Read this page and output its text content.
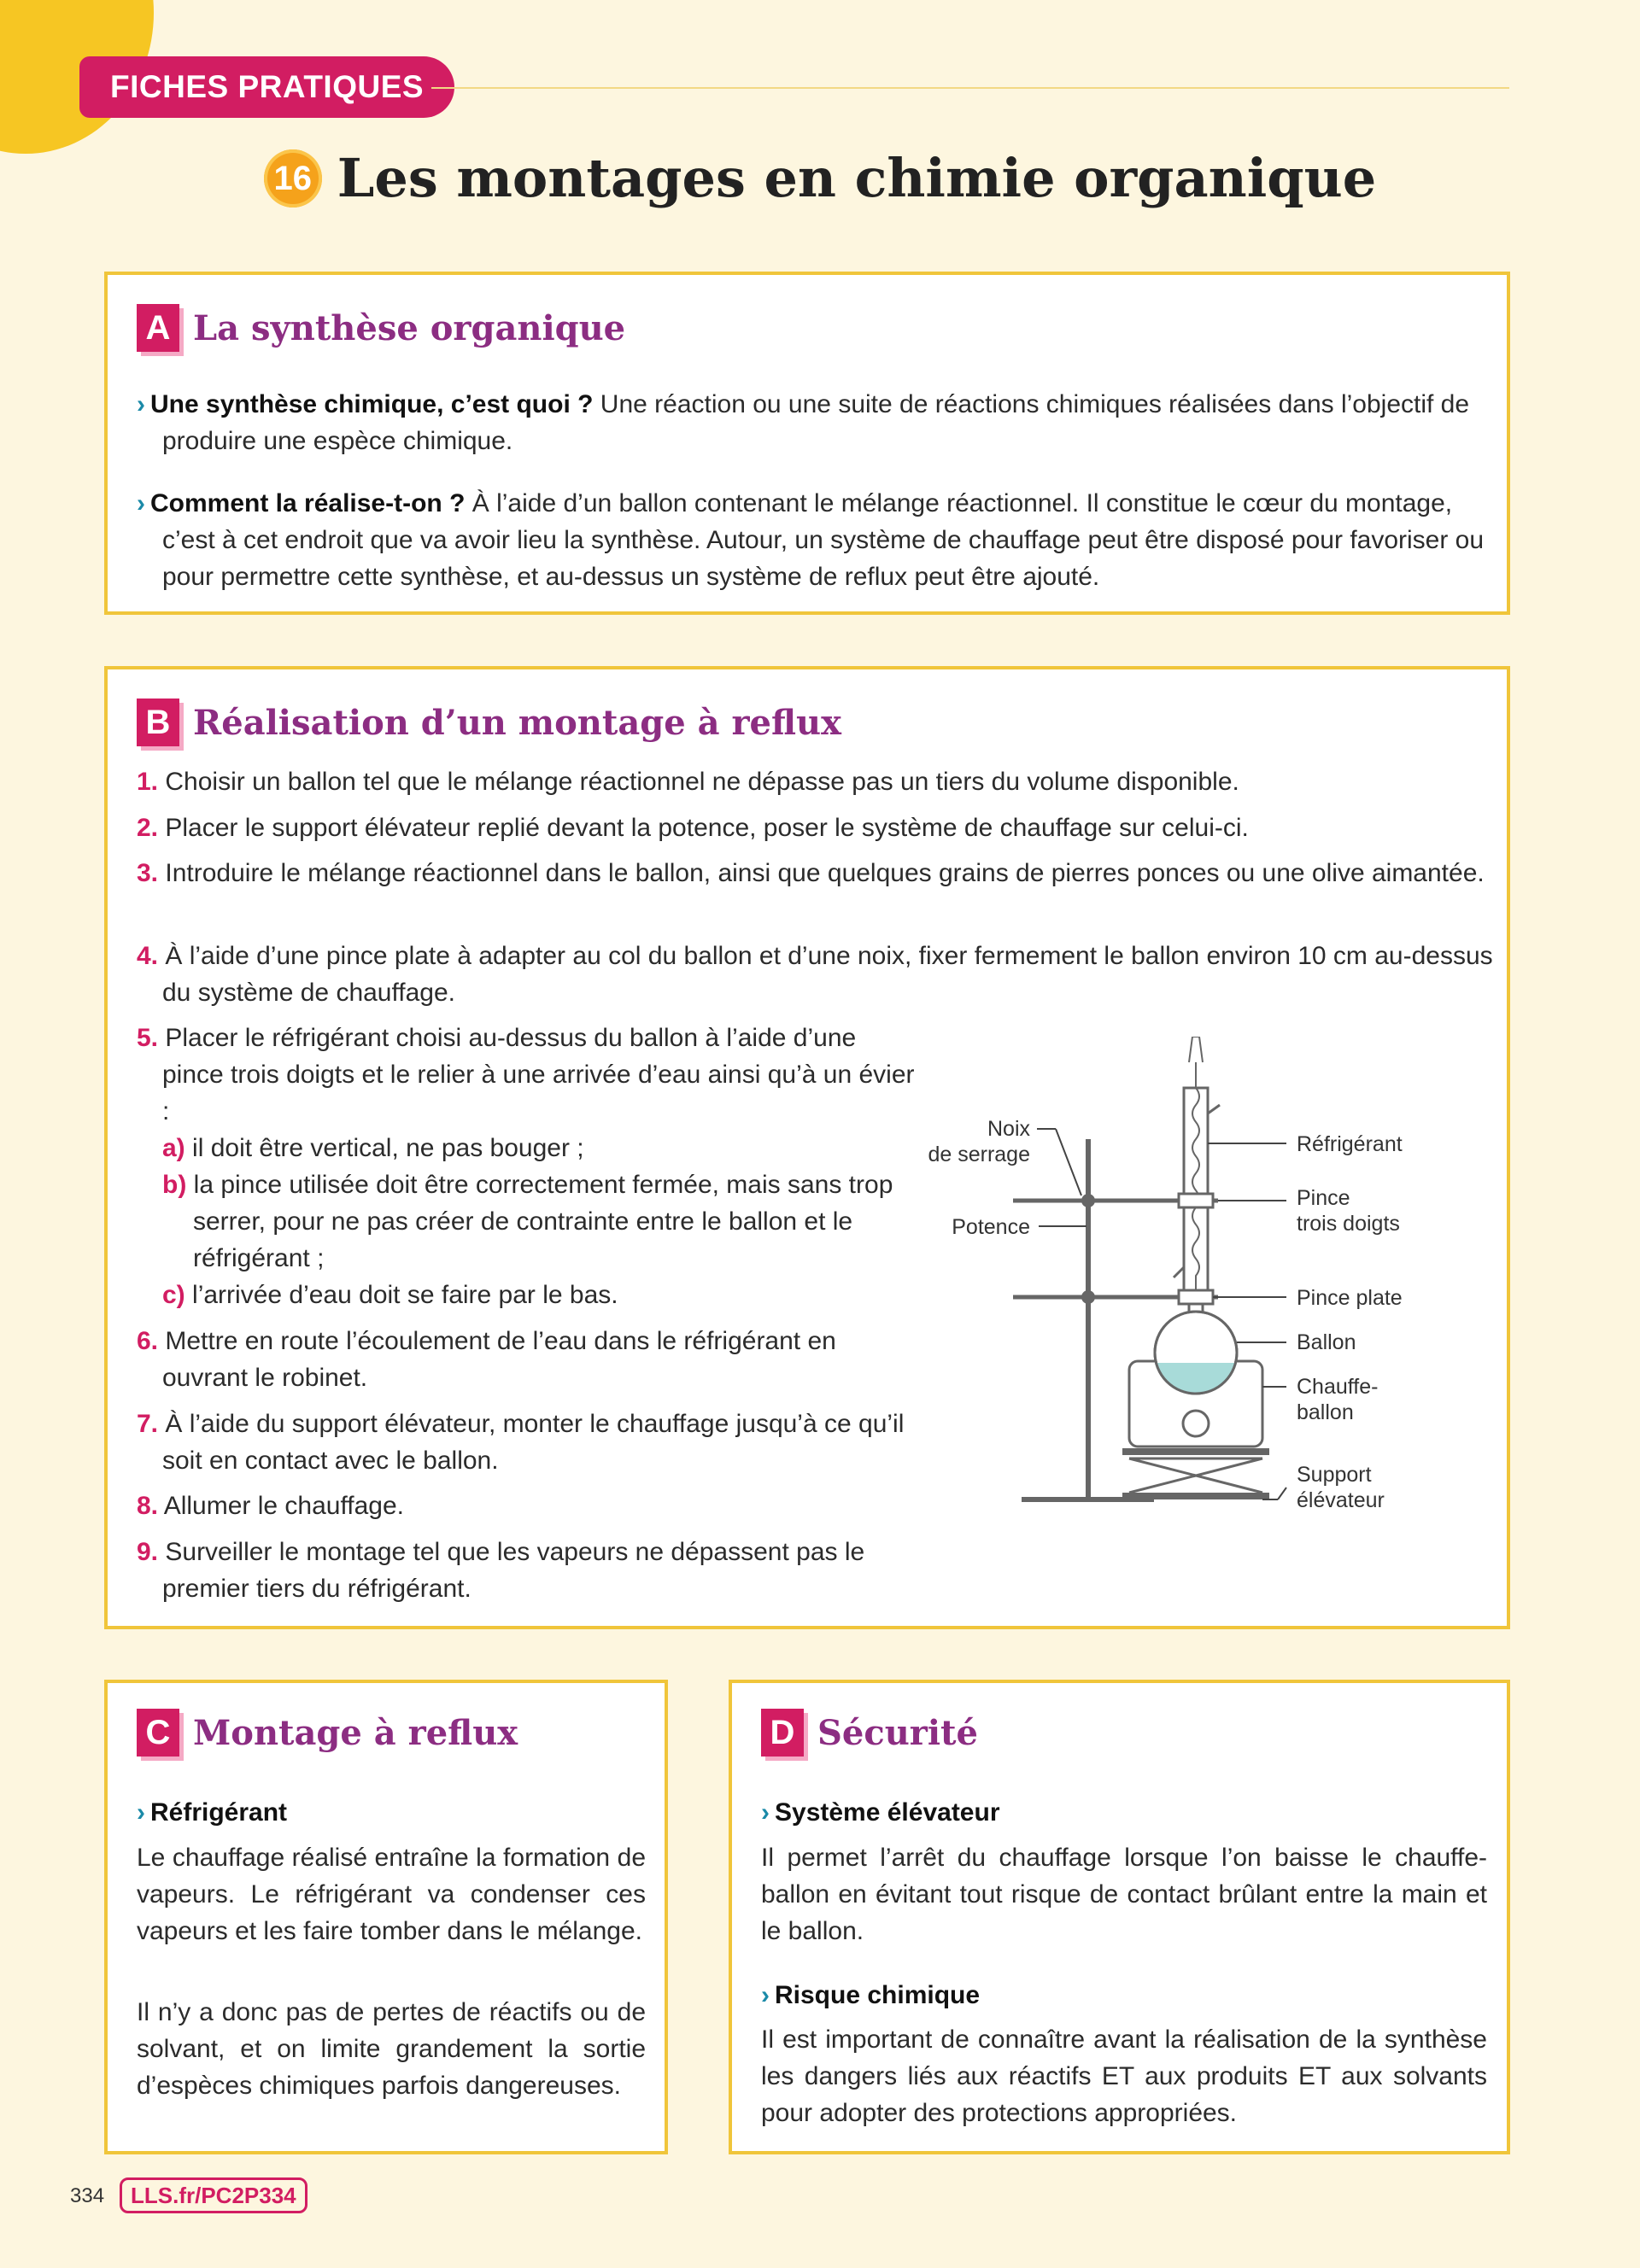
FICHES PRATIQUES
16 Les montages en chimie organique
A La synthèse organique
› Une synthèse chimique, c’est quoi ? Une réaction ou une suite de réactions chimiques réalisées dans l’objectif de produire une espèce chimique.
› Comment la réalise-t-on ? À l’aide d’un ballon contenant le mélange réactionnel. Il constitue le cœur du montage, c’est à cet endroit que va avoir lieu la synthèse. Autour, un système de chauffage peut être disposé pour favoriser ou pour permettre cette synthèse, et au-dessus un système de reflux peut être ajouté.
B Réalisation d’un montage à reflux
1. Choisir un ballon tel que le mélange réactionnel ne dépasse pas un tiers du volume disponible.
2. Placer le support élévateur replié devant la potence, poser le système de chauffage sur celui-ci.
3. Introduire le mélange réactionnel dans le ballon, ainsi que quelques grains de pierres ponces ou une olive aimantée.
4. À l’aide d’une pince plate à adapter au col du ballon et d’une noix, fixer fermement le ballon environ 10 cm au-dessus du système de chauffage.
5. Placer le réfrigérant choisi au-dessus du ballon à l’aide d’une pince trois doigts et le relier à une arrivée d’eau ainsi qu’à un évier :
a) il doit être vertical, ne pas bouger ;
b) la pince utilisée doit être correctement fermée, mais sans trop serrer, pour ne pas créer de contrainte entre le ballon et le réfrigérant ;
c) l’arrivée d’eau doit se faire par le bas.
6. Mettre en route l’écoulement de l’eau dans le réfrigérant en ouvrant le robinet.
7. À l’aide du support élévateur, monter le chauffage jusqu’à ce qu’il soit en contact avec le ballon.
8. Allumer le chauffage.
9. Surveiller le montage tel que les vapeurs ne dépassent pas le premier tiers du réfrigérant.
Noix
de serrage
Potence
Réfrigérant
Pince
trois doigts
Pince plate
Ballon
Chauffe-
ballon
Support
élévateur
C Montage à reflux
› Réfrigérant
Le chauffage réalisé entraîne la formation de vapeurs. Le réfrigérant va condenser ces vapeurs et les faire tomber dans le mélange.
Il n’y a donc pas de pertes de réactifs ou de solvant, et on limite grandement la sortie d’espèces chimiques parfois dangereuses.
D Sécurité
› Système élévateur
Il permet l’arrêt du chauffage lorsque l’on baisse le chauffe-ballon en évitant tout risque de contact brûlant entre la main et le ballon.
› Risque chimique
Il est important de connaître avant la réalisation de la synthèse les dangers liés aux réactifs ET aux produits ET aux solvants pour adopter des protections appropriées.
334	LLS.fr/PC2P334
